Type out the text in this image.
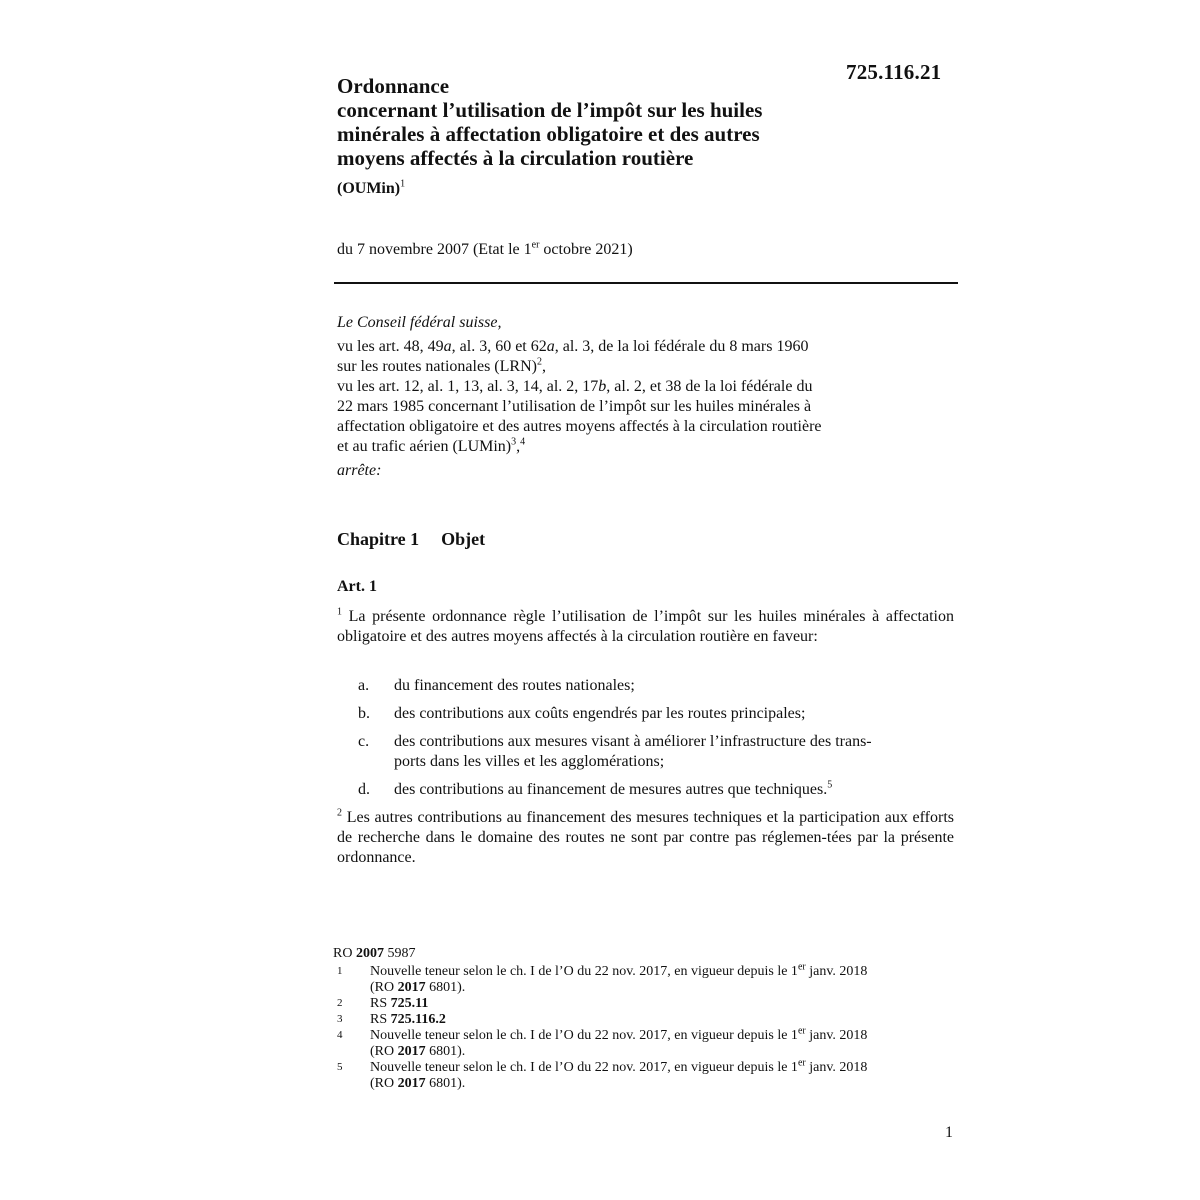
725.116.21
Ordonnance
concernant l’utilisation de l’impôt sur les huiles
minérales à affectation obligatoire et des autres
moyens affectés à la circulation routière
(OUMin)$^1$
du 7 novembre 2007 (Etat le 1er octobre 2021)
Le Conseil fédéral suisse,
vu les art. 48, 49a, al. 3, 60 et 62a, al. 3, de la loi fédérale du 8 mars 1960
sur les routes nationales (LRN)$^2$,
vu les art. 12, al. 1, 13, al. 3, 14, al. 2, 17b, al. 2, et 38 de la loi fédérale du
22 mars 1985 concernant l’utilisation de l’impôt sur les huiles minérales à
affectation obligatoire et des autres moyens affectés à la circulation routière
et au trafic aérien (LUMin)$^3$,$^4$
arrête:
Chapitre 1 Objet
Art. 1
$^1$ La présente ordonnance règle l’utilisation de l’impôt sur les huiles minérales à affectation obligatoire et des autres moyens affectés à la circulation routière en faveur:
a.	du financement des routes nationales;
b.	des contributions aux coûts engendrés par les routes principales;
c.	des contributions aux mesures visant à améliorer l’infrastructure des trans-
ports dans les villes et les agglomérations;
d.	des contributions au financement de mesures autres que techniques.$^5$
$^2$ Les autres contributions au financement des mesures techniques et la participation aux efforts de recherche dans le domaine des routes ne sont par contre pas réglemen-tées par la présente ordonnance.
RO 2007 5987
1	Nouvelle teneur selon le ch. I de l’O du 22 nov. 2017, en vigueur depuis le 1er janv. 2018
(RO 2017 6801).
2	RS 725.11
3	RS 725.116.2
4	Nouvelle teneur selon le ch. I de l’O du 22 nov. 2017, en vigueur depuis le 1er janv. 2018
(RO 2017 6801).
5	Nouvelle teneur selon le ch. I de l’O du 22 nov. 2017, en vigueur depuis le 1er janv. 2018
(RO 2017 6801).
1
